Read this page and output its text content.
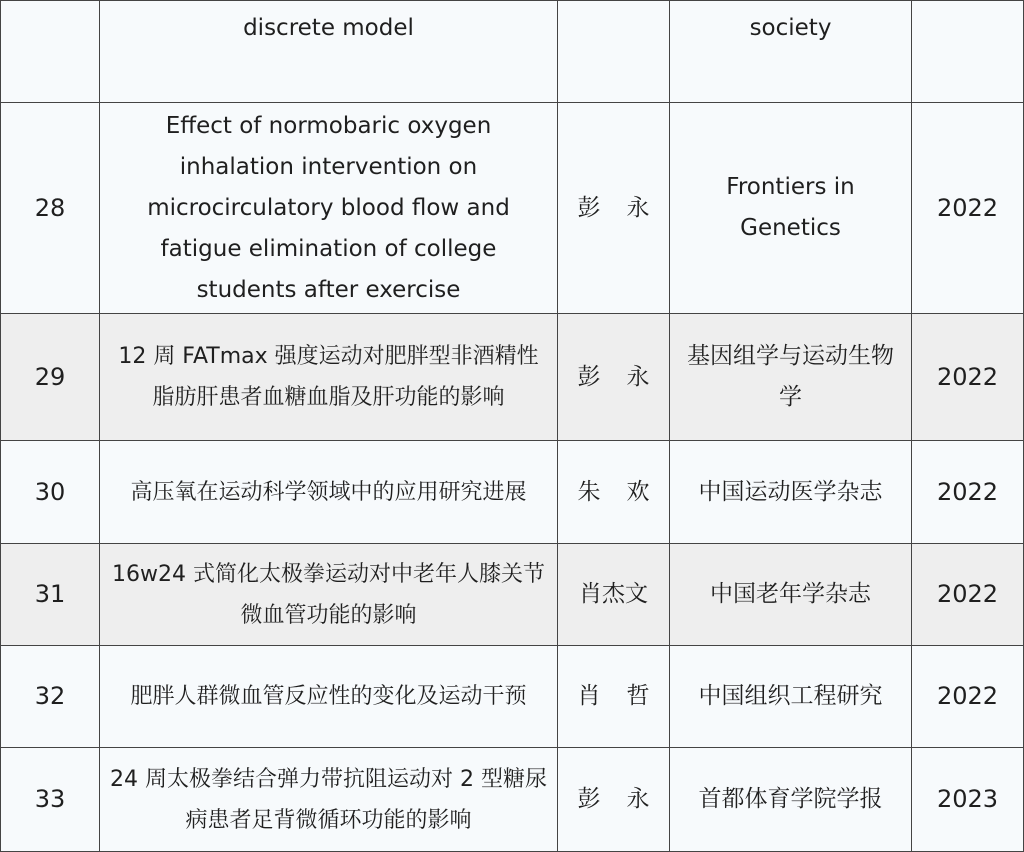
	discrete model		society	
28	Effect of normobaric oxygen inhalation intervention on microcirculatory blood flow and fatigue elimination of college students after exercise	彭 永	Frontiers in Genetics	2022
29	12 周 FATmax 强度运动对肥胖型非酒精性脂肪肝患者血糖血脂及肝功能的影响	彭 永	基因组学与运动生物学	2022
30	高压氧在运动科学领域中的应用研究进展	朱 欢	中国运动医学杂志	2022
31	16w24 式简化太极拳运动对中老年人膝关节微血管功能的影响	肖杰文	中国老年学杂志	2022
32	肥胖人群微血管反应性的变化及运动干预	肖 哲	中国组织工程研究	2022
33	24 周太极拳结合弹力带抗阻运动对 2 型糖尿病患者足背微循环功能的影响	彭 永	首都体育学院学报	2023
